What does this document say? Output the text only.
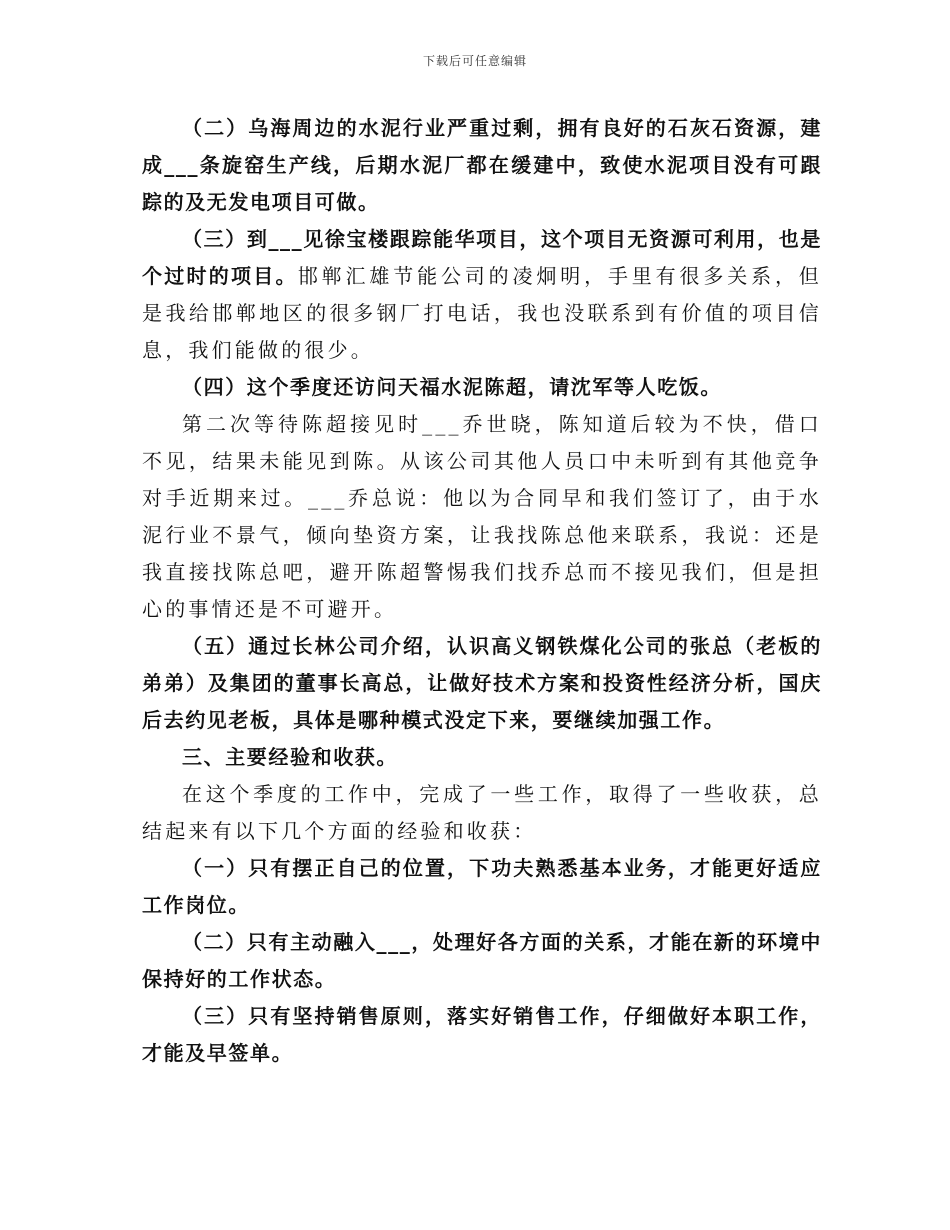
下载后可任意编辑

（二）乌海周边的水泥行业严重过剩，拥有良好的石灰石资源，建成___条旋窑生产线，后期水泥厂都在缓建中，致使水泥项目没有可跟踪的及无发电项目可做。

（三）到___见徐宝楼跟踪能华项目，这个项目无资源可利用，也是个过时的项目。邯郸汇雄节能公司的凌炯明，手里有很多关系，但是我给邯郸地区的很多钢厂打电话，我也没联系到有价值的项目信息，我们能做的很少。

（四）这个季度还访问天福水泥陈超，请沈军等人吃饭。

第二次等待陈超接见时___乔世晓，陈知道后较为不快，借口不见，结果未能见到陈。从该公司其他人员口中未听到有其他竞争对手近期来过。___乔总说：他以为合同早和我们签订了，由于水泥行业不景气，倾向垫资方案，让我找陈总他来联系，我说：还是我直接找陈总吧，避开陈超警惕我们找乔总而不接见我们，但是担心的事情还是不可避开。

（五）通过长林公司介绍，认识高义钢铁煤化公司的张总（老板的弟弟）及集团的董事长高总，让做好技术方案和投资性经济分析，国庆后去约见老板，具体是哪种模式没定下来，要继续加强工作。

三、主要经验和收获。

在这个季度的工作中，完成了一些工作，取得了一些收获，总结起来有以下几个方面的经验和收获：

（一）只有摆正自己的位置，下功夫熟悉基本业务，才能更好适应工作岗位。

（二）只有主动融入___，处理好各方面的关系，才能在新的环境中保持好的工作状态。

（三）只有坚持销售原则，落实好销售工作，仔细做好本职工作，才能及早签单。
